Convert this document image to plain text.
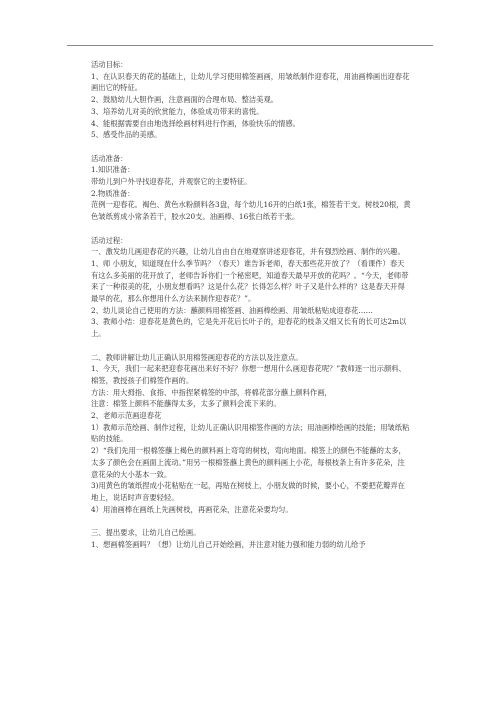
活动目标：

1、在认识春天的花的基础上，让幼儿学习使用棉签画画，用皱纸制作迎春花，用油画棒画出迎春花画出它的特征。

2、鼓励幼儿大胆作画，注意画面的合理布局、整洁美观。

3、培养幼儿对美的欣赏能力，体验成功带来的喜悦。

4、能根据需要自由地选择绘画材料进行作画，体验快乐的情感。

5、感受作品的美感。

活动准备：

1.知识准备：

带幼儿到户外寻找迎春花，并观察它的主要特征。

2.物质准备：

范例一迎春花。褐色、黄色水粉颜料各3盘，每个幼儿16开的白纸1张，棉签若干支。树枝20根，黄色皱纸剪成小常条若干，胶水20支。油画棒、16张白纸若干张。

活动过程：

一、激发幼儿画迎春花的兴趣，让幼儿自由自在地观察讲述迎春花，并有强烈绘画、制作的兴趣。

1、师 小朋友，知道现在什么季节吗？（春天）谁告诉老师，春天那些花开放了？（看课件）春天有这么多美丽的花开放了，老师告诉你们一个秘密吧，知道春天最早开放的花吗？。“今天，老师带来了一种很美的花，小朋友想看吗？这是什么花？长得怎么样？叶子又是什么样的？这是春天开得最早的花，那么你想用什么方法来制作迎春花？”。

2、幼儿谈论自己使用的方法：蘸颜料用棉签画、油画棒绘画、用皱纸粘贴成迎春花……

3、教师小结：迎春花是黄色的，它是先开花后长叶子的，迎春花的枝条又细又长有的长可达2m以上。

二、教师讲解让幼儿正确认识用棉签画迎春花的方法以及注意点。

1、今天，我们一起来把迎春花画出来好不好？你想一想用什么画迎春花呢？”教师逐一出示颜料、棉签，教授孩子们棉签作画的。

方法：用大拇指、食指、中指捏紧棉签的中部，将棉花部分蘸上颜料作画，

注意：棉签上颜料不能蘸得太多，太多了颜料会流下来的。

2、老师示范画迎春花

1）教师示范绘画、制作过程，让幼儿正确认识用棉签作画的方法；用油画棒绘画的技能；用皱纸粘贴的技能。

2）“我们先用一根棉签蘸上褐色的颜料画上弯弯的树枝，弯向地面。棉签上的颜色不能蘸的太多，太多了颜色会在画面上流动。”用另一根棉签蘸上黄色的颜料画上小花，每根枝条上有许多花朵，注意花朵的大小基本一致。

3)用黄色的皱纸捏成小花粘贴在一起，再贴在树枝上，小朋友做的时候，要小心，不要把花瓣弄在地上，说话时声音要轻轻。

4）用油画棒在画纸上先画树枝，再画花朵，注意花朵要均匀。

三、提出要求，让幼儿自己绘画。

1、想画棉签画吗？（想）让幼儿自己开始绘画，并注意对能力强和能力弱的幼儿给予
